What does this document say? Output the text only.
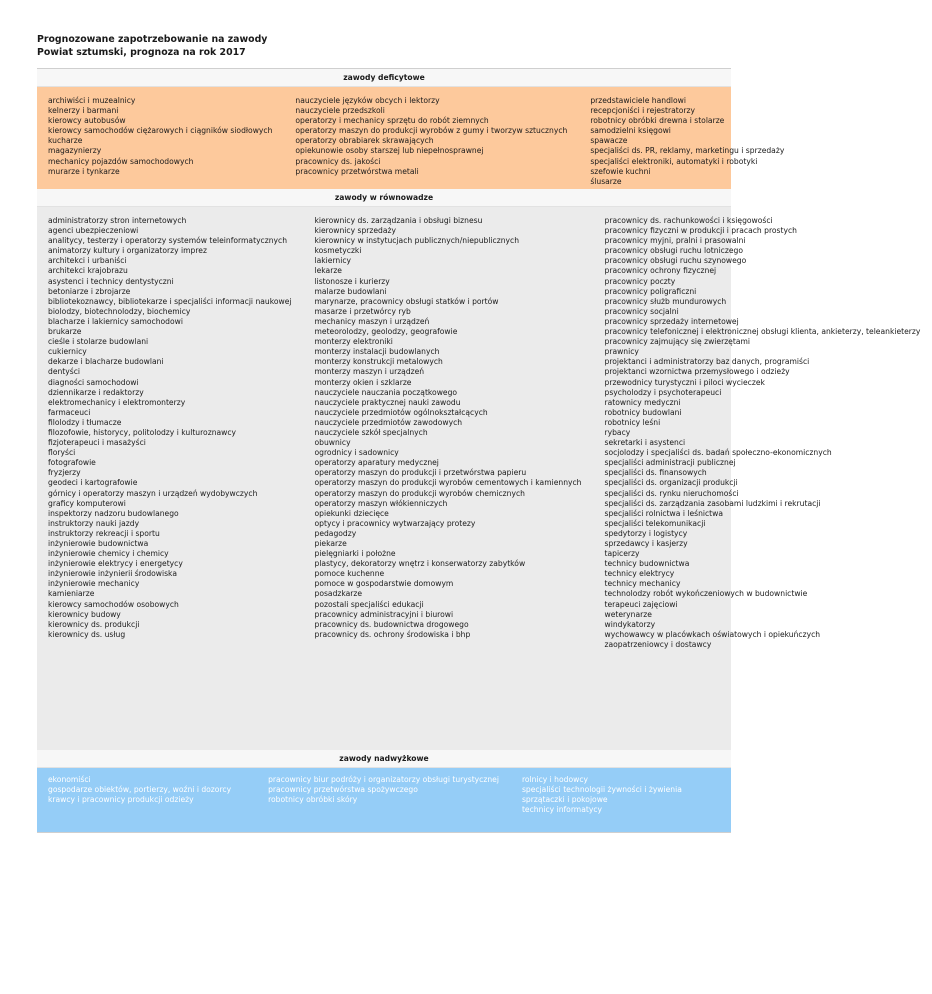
Prognozowane zapotrzebowanie na zawody
Powiat sztumski, prognoza na rok 2017
zawody deficytowe
archiwiści i muzealnicy
kelnerzy i barmani
kierowcy autobusów
kierowcy samochodów ciężarowych i ciągników siodłowych
kucharze
magazynierzy
mechanicy pojazdów samochodowych
murarze i tynkarze
nauczyciele języków obcych i lektorzy
nauczyciele przedszkoli
operatorzy i mechanicy sprzętu do robót ziemnych
operatorzy maszyn do produkcji wyrobów z gumy i tworzyw sztucznych
operatorzy obrabiarek skrawających
opiekunowie osoby starszej lub niepełnosprawnej
pracownicy ds. jakości
pracownicy przetwórstwa metali
przedstawiciele handlowi
recepcjoniści i rejestratorzy
robotnicy obróbki drewna i stolarze
samodzielni księgowi
spawacze
specjaliści ds. PR, reklamy, marketingu i sprzedaży
specjaliści elektroniki, automatyki i robotyki
szefowie kuchni
ślusarze
zawody w równowadze
administratorzy stron internetowych
agenci ubezpieczeniowi
analitycy, testerzy i operatorzy systemów teleinformatycznych
animatorzy kultury i organizatorzy imprez
architekci i urbaniści
architekci krajobrazu
asystenci i technicy dentystyczni
betoniarze i zbrojarze
bibliotekoznawcy, bibliotekarze i specjaliści informacji naukowej
biolodzy, biotechnolodzy, biochemicy
blacharze i lakiernicy samochodowi
brukarze
cieśle i stolarze budowlani
cukiernicy
dekarze i blacharze budowlani
dentyści
diagności samochodowi
dziennikarze i redaktorzy
elektromechanicy i elektromonterzy
farmaceuci
filolodzy i tłumacze
filozofowie, historycy, politolodzy i kulturoznawcy
fizjoterapeuci i masażyści
floryści
fotografowie
fryzjerzy
geodeci i kartografowie
górnicy i operatorzy maszyn i urządzeń wydobywczych
graficy komputerowi
inspektorzy nadzoru budowlanego
instruktorzy nauki jazdy
instruktorzy rekreacji i sportu
inżynierowie budownictwa
inżynierowie chemicy i chemicy
inżynierowie elektrycy i energetycy
inżynierowie inżynierii środowiska
inżynierowie mechanicy
kamieniarze
kierowcy samochodów osobowych
kierownicy budowy
kierownicy ds. produkcji
kierownicy ds. usług
kierownicy ds. zarządzania i obsługi biznesu
kierownicy sprzedaży
kierownicy w instytucjach publicznych/niepublicznych
kosmetyczki
lakiernicy
lekarze
listonosze i kurierzy
malarze budowlani
marynarze, pracownicy obsługi statków i portów
masarze i przetwórcy ryb
mechanicy maszyn i urządzeń
meteorolodzy, geolodzy, geografowie
monterzy elektroniki
monterzy instalacji budowlanych
monterzy konstrukcji metalowych
monterzy maszyn i urządzeń
monterzy okien i szklarze
nauczyciele nauczania początkowego
nauczyciele praktycznej nauki zawodu
nauczyciele przedmiotów ogólnokształcących
nauczyciele przedmiotów zawodowych
nauczyciele szkół specjalnych
obuwnicy
ogrodnicy i sadownicy
operatorzy aparatury medycznej
operatorzy maszyn do produkcji i przetwórstwa papieru
operatorzy maszyn do produkcji wyrobów cementowych i kamiennych
operatorzy maszyn do produkcji wyrobów chemicznych
operatorzy maszyn włókienniczych
opiekunki dziecięce
optycy i pracownicy wytwarzający protezy
pedagodzy
piekarze
pielęgniarki i położne
plastycy, dekoratorzy wnętrz i konserwatorzy zabytków
pomoce kuchenne
pomoce w gospodarstwie domowym
posadzkarze
pozostali specjaliści edukacji
pracownicy administracyjni i biurowi
pracownicy ds. budownictwa drogowego
pracownicy ds. ochrony środowiska i bhp
pracownicy ds. rachunkowości i księgowości
pracownicy fizyczni w produkcji i pracach prostych
pracownicy myjni, pralni i prasowalni
pracownicy obsługi ruchu lotniczego
pracownicy obsługi ruchu szynowego
pracownicy ochrony fizycznej
pracownicy poczty
pracownicy poligraficzni
pracownicy służb mundurowych
pracownicy socjalni
pracownicy sprzedaży internetowej
pracownicy telefonicznej i elektronicznej obsługi klienta, ankieterzy, teleankieterzy
pracownicy zajmujący się zwierzętami
prawnicy
projektanci i administratorzy baz danych, programiści
projektanci wzornictwa przemysłowego i odzieży
przewodnicy turystyczni i piloci wycieczek
psycholodzy i psychoterapeuci
ratownicy medyczni
robotnicy budowlani
robotnicy leśni
rybacy
sekretarki i asystenci
socjolodzy i specjaliści ds. badań społeczno-ekonomicznych
specjaliści administracji publicznej
specjaliści ds. finansowych
specjaliści ds. organizacji produkcji
specjaliści ds. rynku nieruchomości
specjaliści ds. zarządzania zasobami ludzkimi i rekrutacji
specjaliści rolnictwa i leśnictwa
specjaliści telekomunikacji
spedytorzy i logistycy
sprzedawcy i kasjerzy
tapicerzy
technicy budownictwa
technicy elektrycy
technicy mechanicy
technolodzy robót wykończeniowych w budownictwie
terapeuci zajęciowi
weterynarze
windykatorzy
wychowawcy w placówkach oświatowych i opiekuńczych
zaopatrzeniowcy i dostawcy
zawody nadwyżkowe
ekonomiści
gospodarze obiektów, portierzy, woźni i dozorcy
krawcy i pracownicy produkcji odzieży
pracownicy biur podróży i organizatorzy obsługi turystycznej
pracownicy przetwórstwa spożywczego
robotnicy obróbki skóry
rolnicy i hodowcy
specjaliści technologii żywności i żywienia
sprzątaczki i pokojowe
technicy informatycy
